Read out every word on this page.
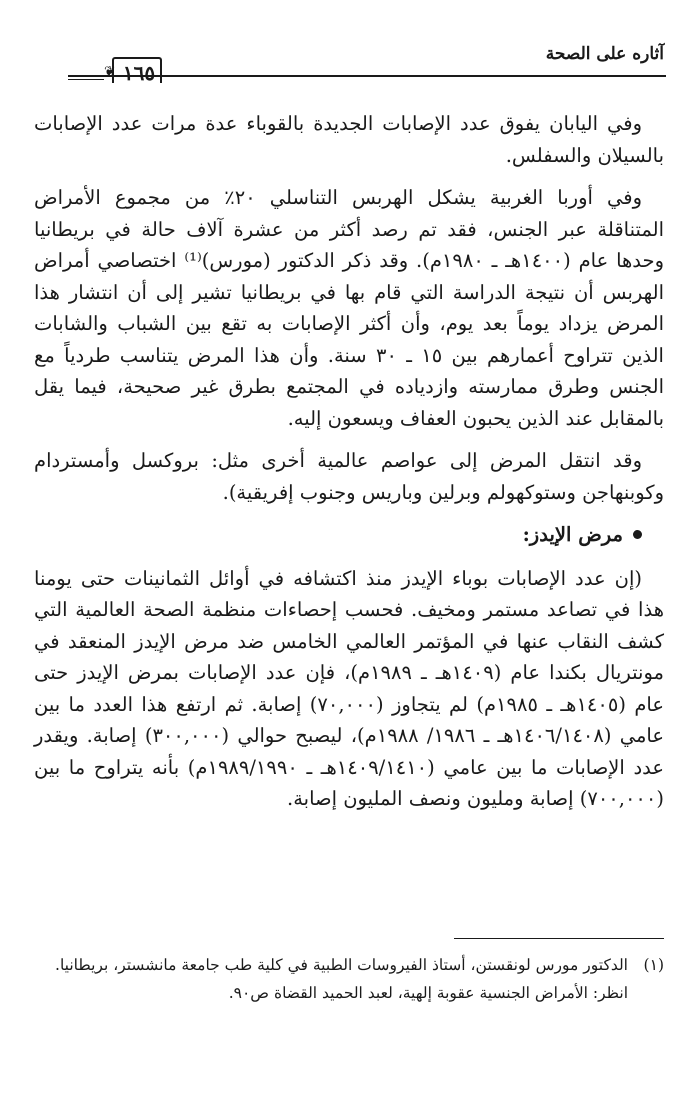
آثاره على الصحة
❦ ١٦٥

وفي اليابان يفوق عدد الإصابات الجديدة بالقوباء عدة مرات عدد الإصابات بالسيلان والسفلس.

وفي أوربا الغربية يشكل الهربس التناسلي ٢٠٪ من مجموع الأمراض المتناقلة عبر الجنس، فقد تم رصد أكثر من عشرة آلاف حالة في بريطانيا وحدها عام (١٤٠٠هـ ـ ١٩٨٠م). وقد ذكر الدكتور (مورس)⁽¹⁾ اختصاصي أمراض الهربس أن نتيجة الدراسة التي قام بها في بريطانيا تشير إلى أن انتشار هذا المرض يزداد يوماً بعد يوم، وأن أكثر الإصابات به تقع بين الشباب والشابات الذين تتراوح أعمارهم بين ١٥ ـ ٣٠ سنة. وأن هذا المرض يتناسب طردياً مع الجنس وطرق ممارسته وازدياده في المجتمع بطرق غير صحيحة، فيما يقل بالمقابل عند الذين يحبون العفاف ويسعون إليه.

وقد انتقل المرض إلى عواصم عالمية أخرى مثل: بروكسل وأمستردام وكوبنهاجن وستوكهولم وبرلين وباريس وجنوب إفريقية).

مرض الإيدز:

(إن عدد الإصابات بوباء الإيدز منذ اكتشافه في أوائل الثمانينات حتى يومنا هذا في تصاعد مستمر ومخيف. فحسب إحصاءات منظمة الصحة العالمية التي كشف النقاب عنها في المؤتمر العالمي الخامس ضد مرض الإيدز المنعقد في مونتريال بكندا عام (١٤٠٩هـ ـ ١٩٨٩م)، فإن عدد الإصابات بمرض الإيدز حتى عام (١٤٠٥هـ ـ ١٩٨٥م) لم يتجاوز (٧٠,٠٠٠) إصابة. ثم ارتفع هذا العدد ما بين عامي (١٤٠٦/١٤٠٨هـ ـ ١٩٨٦/ ١٩٨٨م)، ليصبح حوالي (٣٠٠,٠٠٠) إصابة. ويقدر عدد الإصابات ما بين عامي (١٤٠٩/١٤١٠هـ ـ ١٩٨٩/١٩٩٠م) بأنه يتراوح ما بين (٧٠٠,٠٠٠) إصابة ومليون ونصف المليون إصابة.

(١)
الدكتور مورس لونقستن، أستاذ الفيروسات الطبية في كلية طب جامعة مانشستر، بريطانيا.
انظر: الأمراض الجنسية عقوبة إلهية، لعبد الحميد القضاة ص٩٠.
